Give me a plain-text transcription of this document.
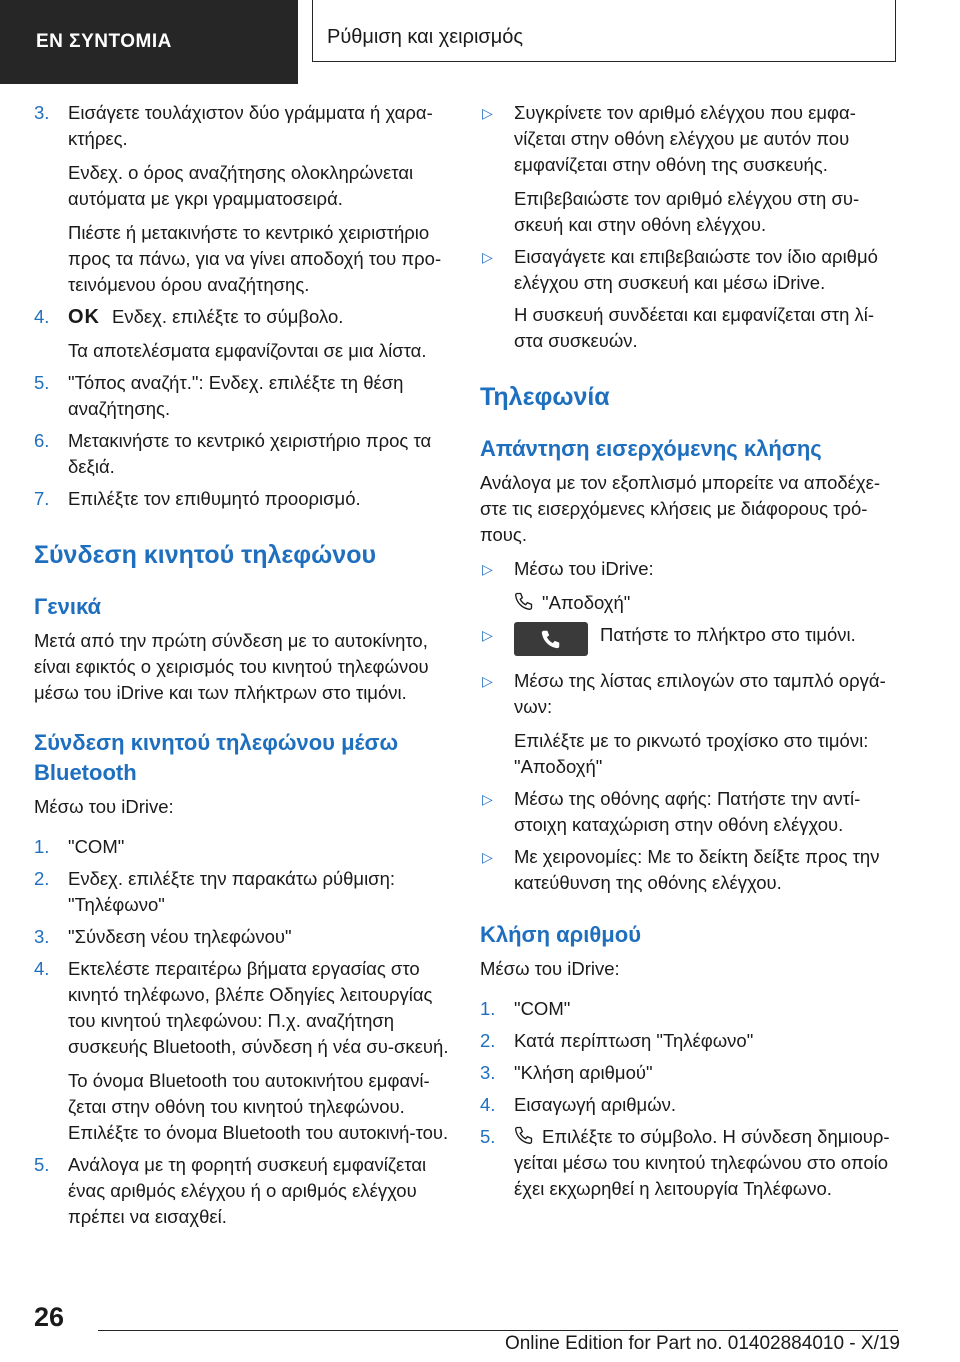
ΕΝ ΣΥΝΤΟΜΙΑ	Ρύθμιση και χειρισμός
3.	Εισάγετε τουλάχιστον δύο γράμματα ή χαρα-κτήρες.
Ενδεχ. ο όρος αναζήτησης ολοκληρώνεται αυτόματα με γκρι γραμματοσειρά.
Πιέστε ή μετακινήστε το κεντρικό χειριστήριο προς τα πάνω, για να γίνει αποδοχή του προ-τεινόμενου όρου αναζήτησης.
4. OK Ενδεχ. επιλέξτε το σύμβολο.
Τα αποτελέσματα εμφανίζονται σε μια λίστα.
5.	"Τόπος αναζήτ.": Ενδεχ. επιλέξτε τη θέση αναζήτησης.
6.	Μετακινήστε το κεντρικό χειριστήριο προς τα δεξιά.
7.	Επιλέξτε τον επιθυμητό προορισμό.
Σύνδεση κινητού τηλεφώνου
Γενικά
Μετά από την πρώτη σύνδεση με το αυτοκίνητο, είναι εφικτός ο χειρισμός του κινητού τηλεφώνου μέσω του iDrive και των πλήκτρων στο τιμόνι.
Σύνδεση κινητού τηλεφώνου μέσω Bluetooth
Μέσω του iDrive:
1.	"COM"
2.	Ενδεχ. επιλέξτε την παρακάτω ρύθμιση: "Τηλέφωνο"
3.	"Σύνδεση νέου τηλεφώνου"
4.	Εκτελέστε περαιτέρω βήματα εργασίας στο κινητό τηλέφωνο, βλέπε Οδηγίες λειτουργίας του κινητού τηλεφώνου: Π.χ. αναζήτηση συσκευής Bluetooth, σύνδεση ή νέα συ-σκευή.
Το όνομα Bluetooth του αυτοκινήτου εμφανί-ζεται στην οθόνη του κινητού τηλεφώνου. Επιλέξτε το όνομα Bluetooth του αυτοκινή-του.
5.	Ανάλογα με τη φορητή συσκευή εμφανίζεται ένας αριθμός ελέγχου ή ο αριθμός ελέγχου πρέπει να εισαχθεί.
▷	Συγκρίνετε τον αριθμό ελέγχου που εμφα-νίζεται στην οθόνη ελέγχου με αυτόν που εμφανίζεται στην οθόνη της συσκευής.
Επιβεβαιώστε τον αριθμό ελέγχου στη συ-σκευή και στην οθόνη ελέγχου.
▷	Εισαγάγετε και επιβεβαιώστε τον ίδιο αριθμό ελέγχου στη συσκευή και μέσω iDrive.
Η συσκευή συνδέεται και εμφανίζεται στη λί-στα συσκευών.
Τηλεφωνία
Απάντηση εισερχόμενης κλήσης
Ανάλογα με τον εξοπλισμό μπορείτε να αποδέχε-στε τις εισερχόμενες κλήσεις με διάφορους τρό-πους.
▷	Μέσω του iDrive:
"Αποδοχή"
▷	Πατήστε το πλήκτρο στο τιμόνι.
▷	Μέσω της λίστας επιλογών στο ταμπλό οργά-νων:
Επιλέξτε με το ρικνωτό τροχίσκο στο τιμόνι: "Αποδοχή"
▷	Μέσω της οθόνης αφής: Πατήστε την αντί-στοιχη καταχώριση στην οθόνη ελέγχου.
▷	Με χειρονομίες: Με το δείκτη δείξτε προς την κατεύθυνση της οθόνης ελέγχου.
Κλήση αριθμού
Μέσω του iDrive:
1.	"COM"
2.	Κατά περίπτωση "Τηλέφωνο"
3.	"Κλήση αριθμού"
4.	Εισαγωγή αριθμών.
5.	Επιλέξτε το σύμβολο. Η σύνδεση δημιουρ-γείται μέσω του κινητού τηλεφώνου στο οποίο έχει εκχωρηθεί η λειτουργία Τηλέφωνο.
26
Online Edition for Part no. 01402884010 - X/19
